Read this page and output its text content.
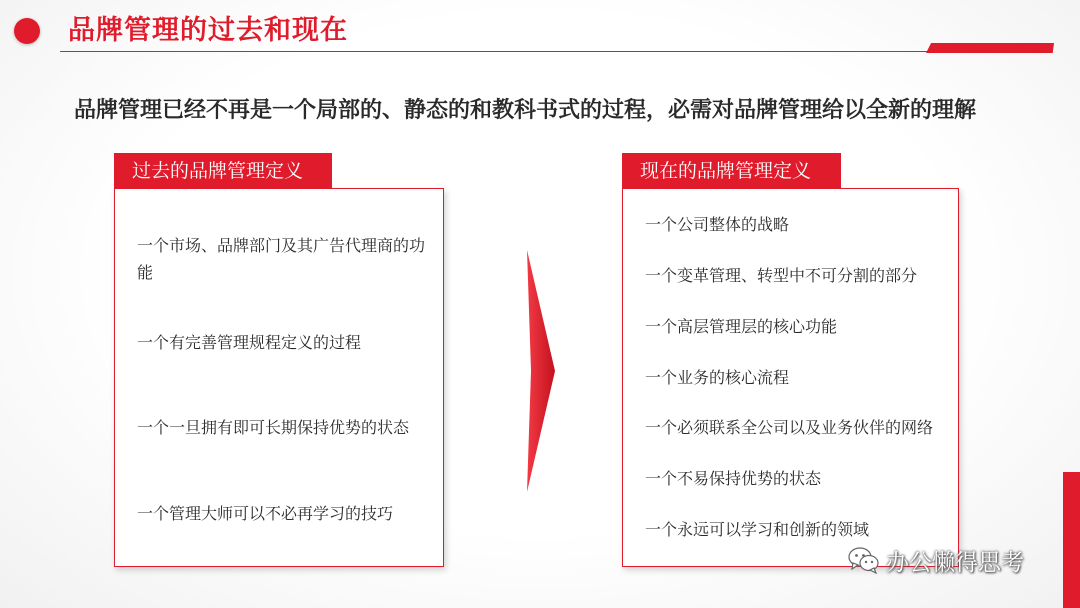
品牌管理的过去和现在
品牌管理已经不再是一个局部的、静态的和教科书式的过程，必需对品牌管理给以全新的理解
一个市场、品牌部门及其广告代理商的功能
一个有完善管理规程定义的过程
一个一旦拥有即可长期保持优势的状态
一个管理大师可以不必再学习的技巧
过去的品牌管理定义
一个公司整体的战略
一个变革管理、转型中不可分割的部分
一个高层管理层的核心功能
一个业务的核心流程
一个必须联系全公司以及业务伙伴的网络
一个不易保持优势的状态
一个永远可以学习和创新的领域
现在的品牌管理定义
办公懒得思考
